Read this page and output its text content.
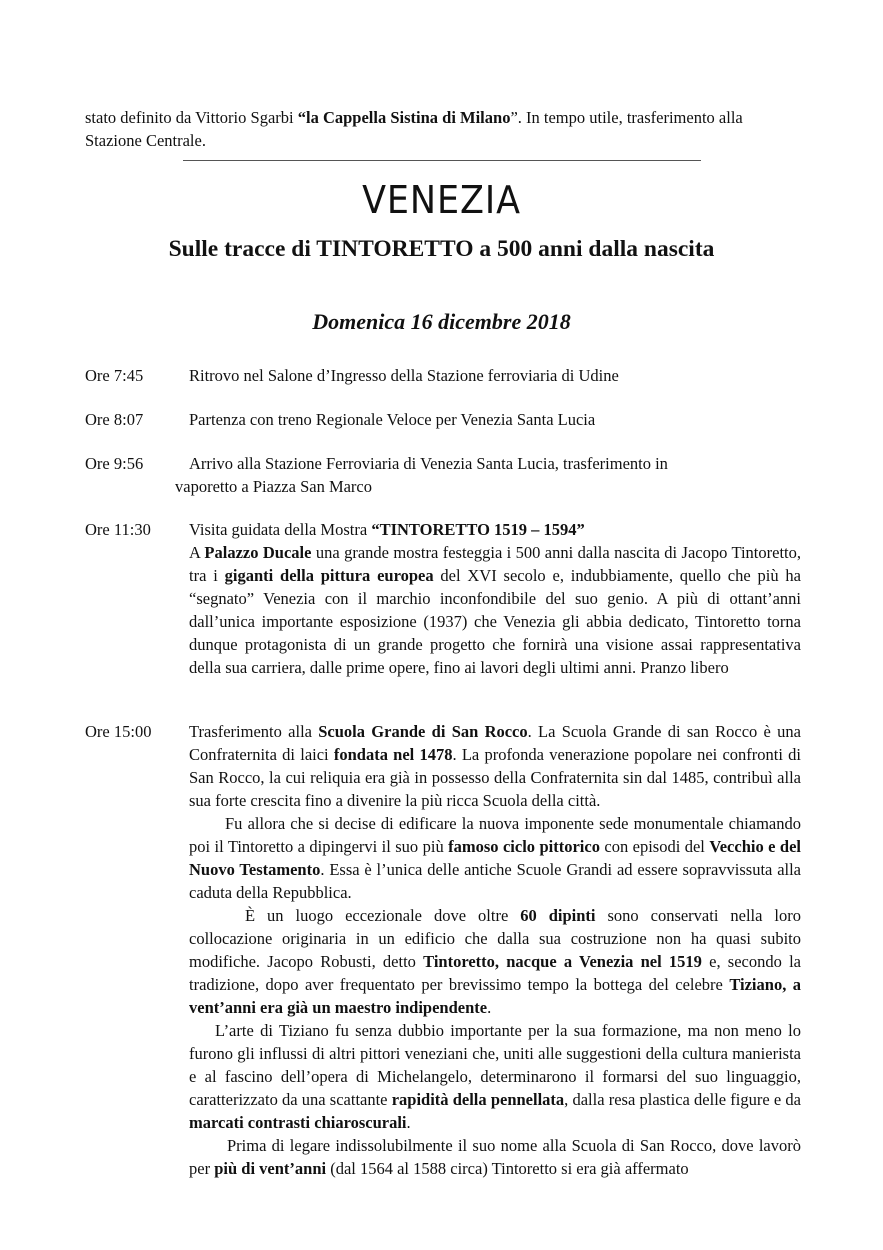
stato definito da Vittorio Sgarbi “la Cappella Sistina di Milano”. In tempo utile, trasferimento alla Stazione Centrale.
VENEZIA
Sulle tracce di TINTORETTO a 500 anni dalla nascita
Domenica 16 dicembre 2018
Ore 7:45	Ritrovo nel Salone d’Ingresso della Stazione ferroviaria di Udine
Ore 8:07	Partenza con treno Regionale Veloce per Venezia Santa Lucia
Ore 9:56	Arrivo alla Stazione Ferroviaria di Venezia Santa Lucia, trasferimento in

vaporetto a Piazza San Marco

Ore 11:30	Visita guidata della Mostra “TINTORETTO 1519 – 1594”

A Palazzo Ducale una grande mostra festeggia i 500 anni dalla nascita di Jacopo Tintoretto, tra i giganti della pittura europea del XVI secolo e, indubbiamente, quello che più ha “segnato” Venezia con il marchio inconfondibile del suo genio. A più di ottant’anni dall’unica importante esposizione (1937) che Venezia gli abbia dedicato, Tintoretto torna dunque protagonista di un grande progetto che fornirà una visione assai rappresentativa della sua carriera, dalle prime opere, fino ai lavori degli ultimi anni. Pranzo libero

Ore 15:00	Trasferimento alla Scuola Grande di San Rocco. La Scuola Grande di san Rocco è una Confraternita di laici fondata nel 1478. La profonda venerazione popolare nei confronti di San Rocco, la cui reliquia era già in possesso della Confraternita sin dal 1485, contribuì alla sua forte crescita fino a divenire la più ricca Scuola della città.

Fu allora che si decise di edificare la nuova imponente sede monumentale chiamando poi il Tintoretto a dipingervi il suo più famoso ciclo pittorico con episodi del Vecchio e del Nuovo Testamento. Essa è l’unica delle antiche Scuole Grandi ad essere sopravvissuta alla caduta della Repubblica.

È un luogo eccezionale dove oltre 60 dipinti sono conservati nella loro collocazione originaria in un edificio che dalla sua costruzione non ha quasi subito modifiche. Jacopo Robusti, detto Tintoretto, nacque a Venezia nel 1519 e, secondo la tradizione, dopo aver frequentato per brevissimo tempo la bottega del celebre Tiziano, a vent’anni era già un maestro indipendente.

L’arte di Tiziano fu senza dubbio importante per la sua formazione, ma non meno lo furono gli influssi di altri pittori veneziani che, uniti alle suggestioni della cultura manierista e al fascino dell’opera di Michelangelo, determinarono il formarsi del suo linguaggio, caratterizzato da una scattante rapidità della pennellata, dalla resa plastica delle figure e da marcati contrasti chiaroscurali.

Prima di legare indissolubilmente il suo nome alla Scuola di San Rocco, dove lavorò per più di vent’anni (dal 1564 al 1588 circa) Tintoretto si era già affermato
